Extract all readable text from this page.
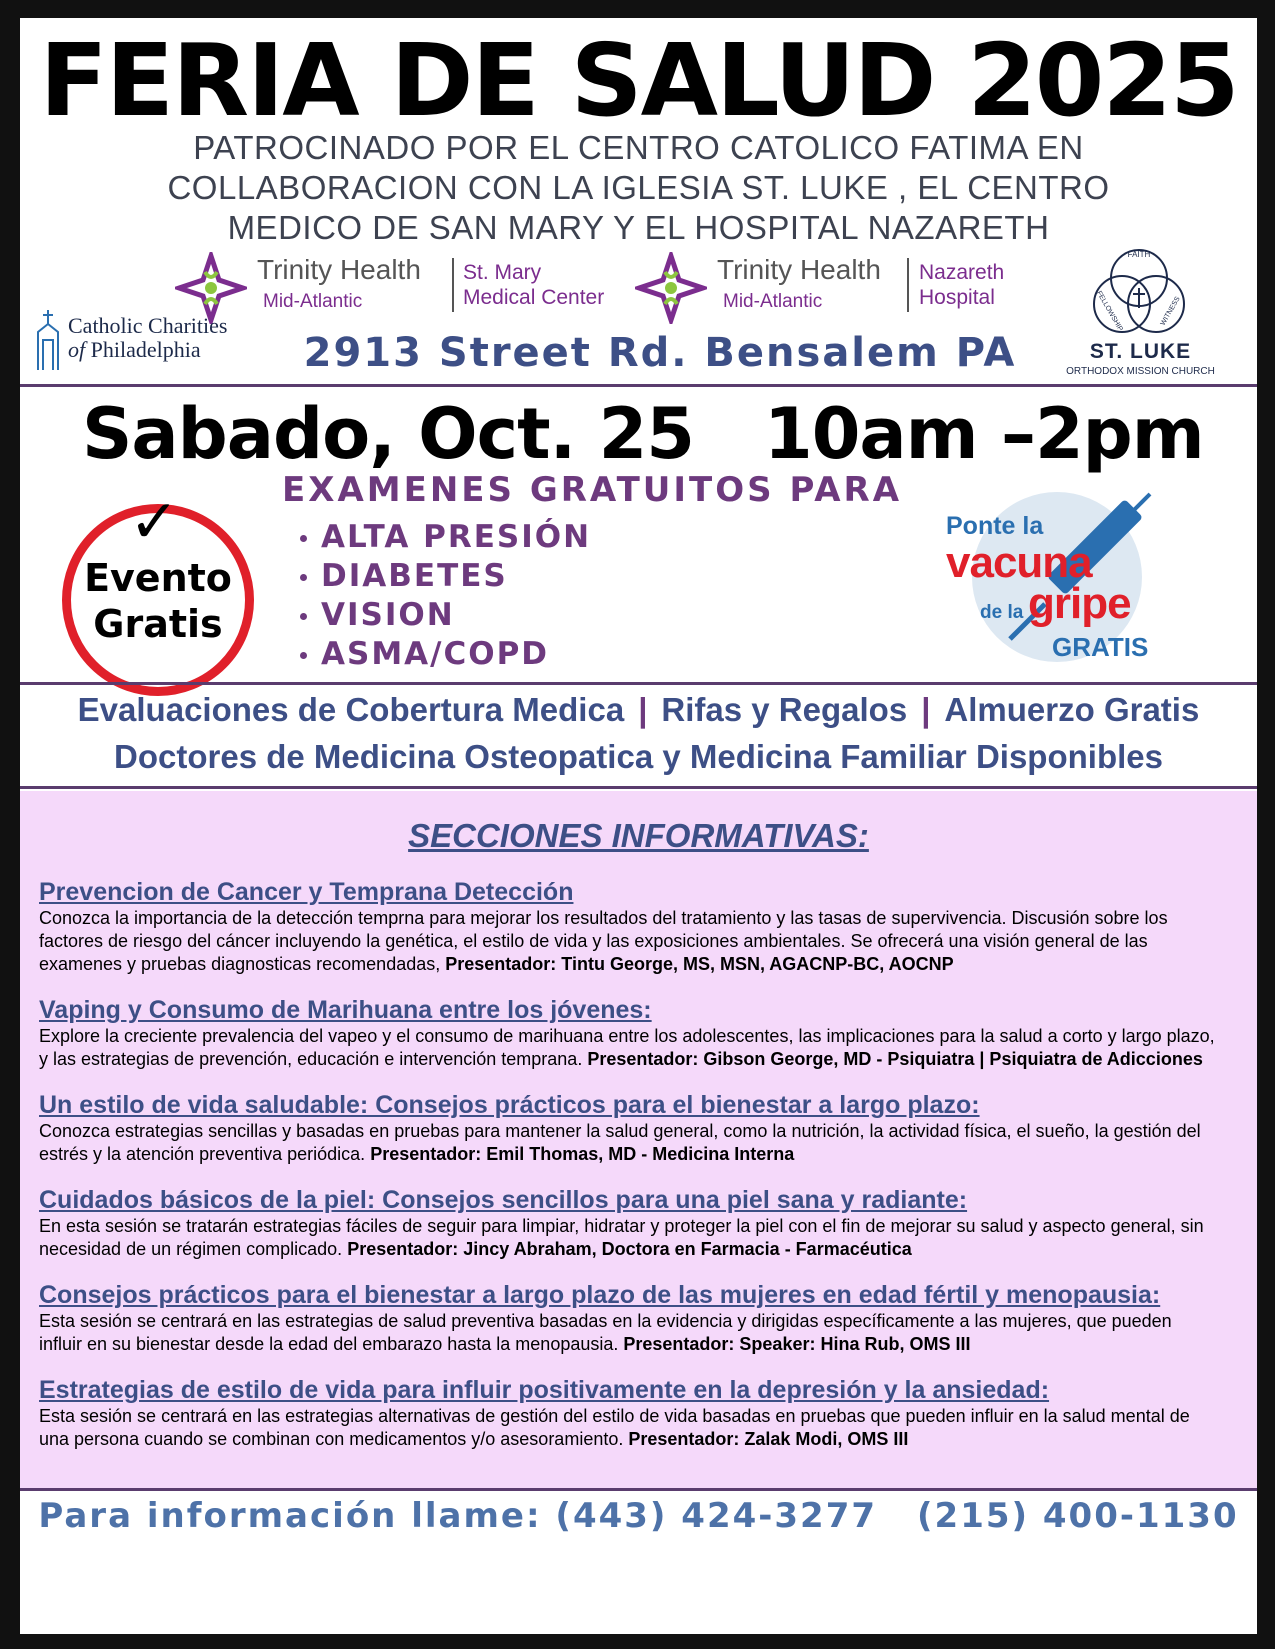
FERIA DE SALUD 2025
PATROCINADO POR EL CENTRO CATOLICO FATIMA EN
COLLABORACION CON LA IGLESIA ST. LUKE , EL CENTRO
MEDICO DE SAN MARY Y EL HOSPITAL NAZARETH
Trinity Health
Mid-Atlantic
St. Mary
Medical Center
Trinity Health
Mid-Atlantic
Nazareth
Hospital
Catholic Charities
of Philadelphia
FAITH
FELLOWSHIP	WITNESS
ST. LUKE
ORTHODOX MISSION CHURCH
2913 Street Rd. Bensalem PA
Sabado, Oct. 25 10am –2pm
✓
Evento
Gratis
EXAMENES GRATUITOS PARA
ALTA PRESIÓN
DIABETES
VISION
ASMA/COPD
Ponte la
vacuna
de la gripe
GRATIS
Evaluaciones de Cobertura Medica | Rifas y Regalos | Almuerzo Gratis
Doctores de Medicina Osteopatica y Medicina Familiar Disponibles
SECCIONES INFORMATIVAS:
Prevencion de Cancer y Temprana Detección
Conozca la importancia de la detección temprna para mejorar los resultados del tratamiento y las tasas de supervivencia. Discusión sobre los factores de riesgo del cáncer incluyendo la genética, el estilo de vida y las exposiciones ambientales. Se ofrecerá una visión general de las examenes y pruebas diagnosticas recomendadas, Presentador: Tintu George, MS, MSN, AGACNP-BC, AOCNP
Vaping y Consumo de Marihuana entre los jóvenes:
Explore la creciente prevalencia del vapeo y el consumo de marihuana entre los adolescentes, las implicaciones para la salud a corto y largo plazo, y las estrategias de prevención, educación e intervención temprana. Presentador: Gibson George, MD - Psiquiatra | Psiquiatra de Adicciones
Un estilo de vida saludable: Consejos prácticos para el bienestar a largo plazo:
Conozca estrategias sencillas y basadas en pruebas para mantener la salud general, como la nutrición, la actividad física, el sueño, la gestión del estrés y la atención preventiva periódica. Presentador: Emil Thomas, MD - Medicina Interna
Cuidados básicos de la piel: Consejos sencillos para una piel sana y radiante:
En esta sesión se tratarán estrategias fáciles de seguir para limpiar, hidratar y proteger la piel con el fin de mejorar su salud y aspecto general, sin necesidad de un régimen complicado. Presentador: Jincy Abraham, Doctora en Farmacia - Farmacéutica
Consejos prácticos para el bienestar a largo plazo de las mujeres en edad fértil y menopausia:
Esta sesión se centrará en las estrategias de salud preventiva basadas en la evidencia y dirigidas específicamente a las mujeres, que pueden influir en su bienestar desde la edad del embarazo hasta la menopausia. Presentador: Speaker: Hina Rub, OMS III
Estrategias de estilo de vida para influir positivamente en la depresión y la ansiedad:
Esta sesión se centrará en las estrategias alternativas de gestión del estilo de vida basadas en pruebas que pueden influir en la salud mental de una persona cuando se combinan con medicamentos y/o asesoramiento. Presentador: Zalak Modi, OMS III
Para información llame: (443) 424-3277 (215) 400-1130
